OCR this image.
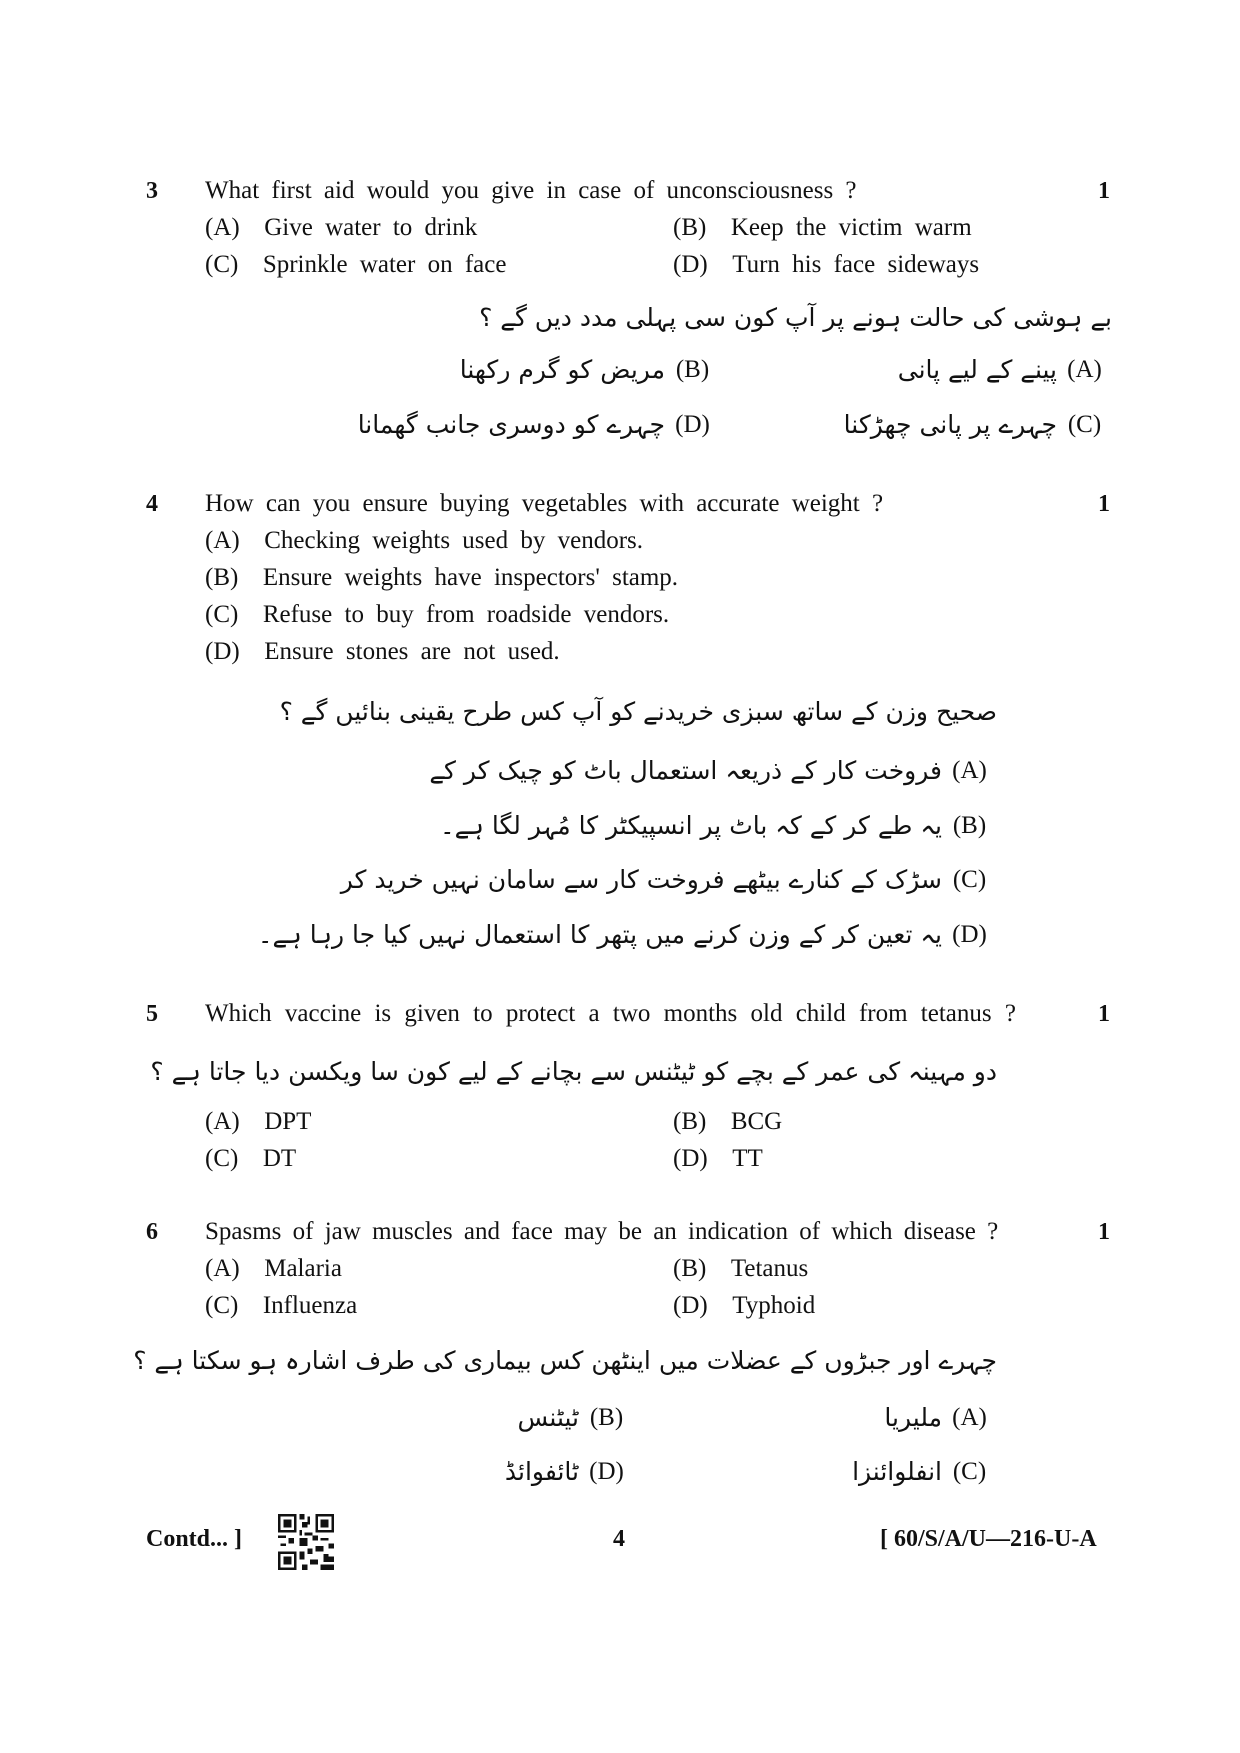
3 What first aid would you give in case of unconsciousness ?	1
(A) Give water to drink	(B) Keep the victim warm
(C) Sprinkle water on face	(D) Turn his face sideways
بے ہوشی کی حالت ہونے پر آپ کون سی پہلی مدد دیں گے ؟
(A)
پینے کے لیے پانی
(B)
مریض کو گرم رکھنا
(C)
چہرے پر پانی چھڑکنا
(D)
چہرے کو دوسری جانب گھمانا
4 How can you ensure buying vegetables with accurate weight ?	1
(A) Checking weights used by vendors.
(B) Ensure weights have inspectors' stamp.
(C) Refuse to buy from roadside vendors.
(D) Ensure stones are not used.
صحیح وزن کے ساتھ سبزی خریدنے کو آپ کس طرح یقینی بنائیں گے ؟
(A)
فروخت کار کے ذریعہ استعمال باٹ کو چیک کر کے
(B)
یہ طے کر کے کہ باٹ پر انسپیکٹر کا مُہر لگا ہے۔
(C)
سڑک کے کنارے بیٹھے فروخت کار سے سامان نہیں خرید کر
(D)
یہ تعین کر کے وزن کرنے میں پتھر کا استعمال نہیں کیا جا رہا ہے۔
5 Which vaccine is given to protect a two months old child from tetanus ?	1
دو مہینہ کی عمر کے بچے کو ٹیٹنس سے بچانے کے لیے کون سا ویکسن دیا جاتا ہے ؟
(A) DPT	(B) BCG
(C) DT	(D) TT
6 Spasms of jaw muscles and face may be an indication of which disease ?	1
(A) Malaria	(B) Tetanus
(C) Influenza	(D) Typhoid
چہرے اور جبڑوں کے عضلات میں اینٹھن کس بیماری کی طرف اشارہ ہو سکتا ہے ؟
(A)
ملیریا
(B)
ٹیٹنس
(C)
انفلوائنزا
(D)
ٹائفوائڈ
Contd... ]	4	[ 60/S/A/U—216-U-A
